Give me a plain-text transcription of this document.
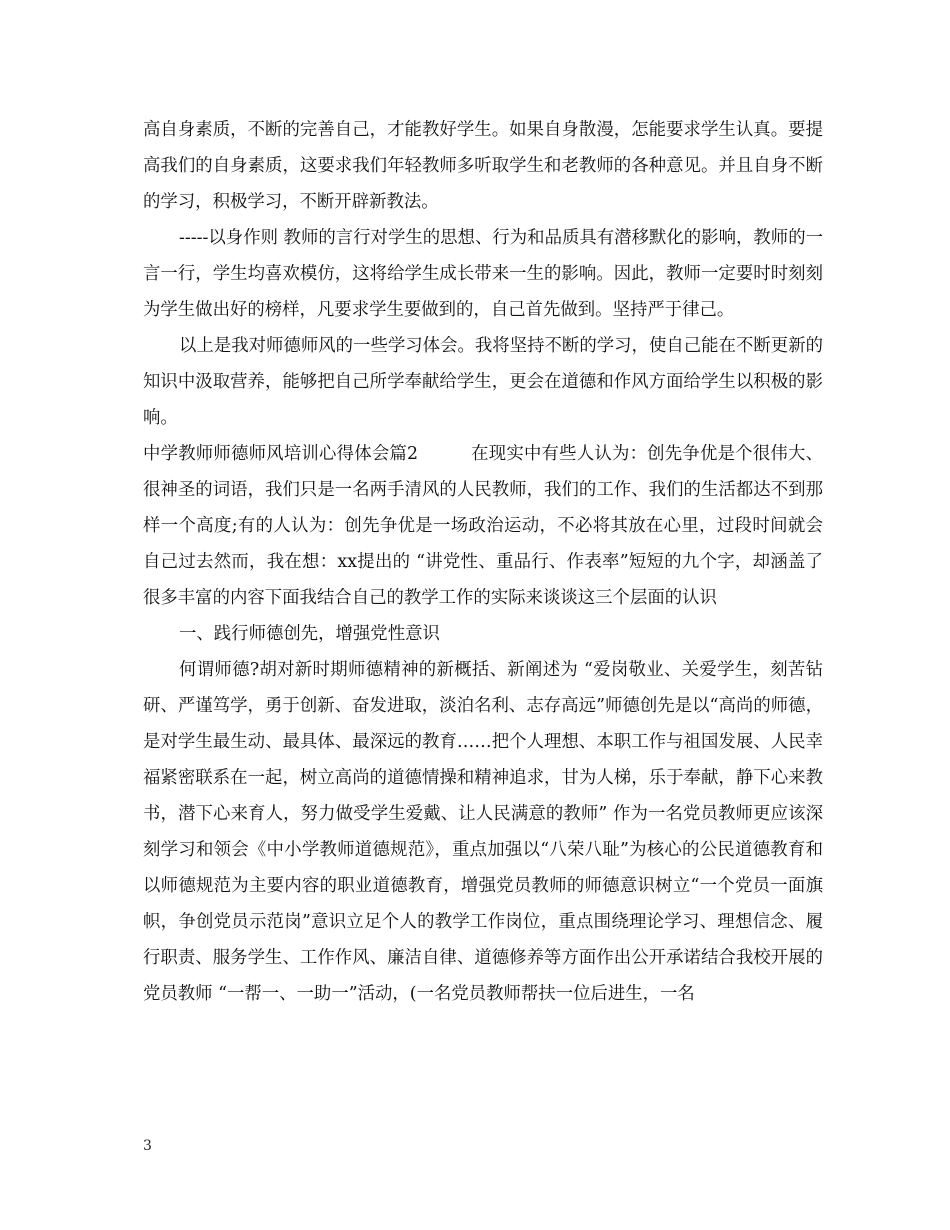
高自身素质，不断的完善自己，才能教好学生。如果自身散漫，怎能要求学生认真。要提高我们的自身素质，这要求我们年轻教师多听取学生和老教师的各种意见。并且自身不断的学习，积极学习，不断开辟新教法。

-----以身作则 教师的言行对学生的思想、行为和品质具有潜移默化的影响，教师的一言一行，学生均喜欢模仿，这将给学生成长带来一生的影响。因此，教师一定要时时刻刻为学生做出好的榜样，凡要求学生要做到的，自己首先做到。坚持严于律己。

以上是我对师德师风的一些学习体会。我将坚持不断的学习，使自己能在不断更新的知识中汲取营养，能够把自己所学奉献给学生，更会在道德和作风方面给学生以积极的影响。

中学教师师德师风培训心得体会篇2　　　在现实中有些人认为：创先争优是个很伟大、很神圣的词语，我们只是一名两手清风的人民教师，我们的工作、我们的生活都达不到那样一个高度;有的人认为：创先争优是一场政治运动，不必将其放在心里，过段时间就会自己过去然而，我在想：xx提出的 “讲党性、重品行、作表率”短短的九个字，却涵盖了很多丰富的内容下面我结合自己的教学工作的实际来谈谈这三个层面的认识

一、践行师德创先，增强党性意识

何谓师德?胡对新时期师德精神的新概括、新阐述为 “爱岗敬业、关爱学生，刻苦钻研、严谨笃学，勇于创新、奋发进取，淡泊名利、志存高远”师德创先是以“高尚的师德，是对学生最生动、最具体、最深远的教育……把个人理想、本职工作与祖国发展、人民幸福紧密联系在一起，树立高尚的道德情操和精神追求，甘为人梯，乐于奉献，静下心来教书，潜下心来育人，努力做受学生爱戴、让人民满意的教师” 作为一名党员教师更应该深刻学习和领会《中小学教师道德规范》，重点加强以“八荣八耻”为核心的公民道德教育和以师德规范为主要内容的职业道德教育，增强党员教师的师德意识树立“一个党员一面旗帜，争创党员示范岗”意识立足个人的教学工作岗位，重点围绕理论学习、理想信念、履行职责、服务学生、工作作风、廉洁自律、道德修养等方面作出公开承诺结合我校开展的党员教师 “一帮一、一助一”活动，(一名党员教师帮扶一位后进生，一名

3
